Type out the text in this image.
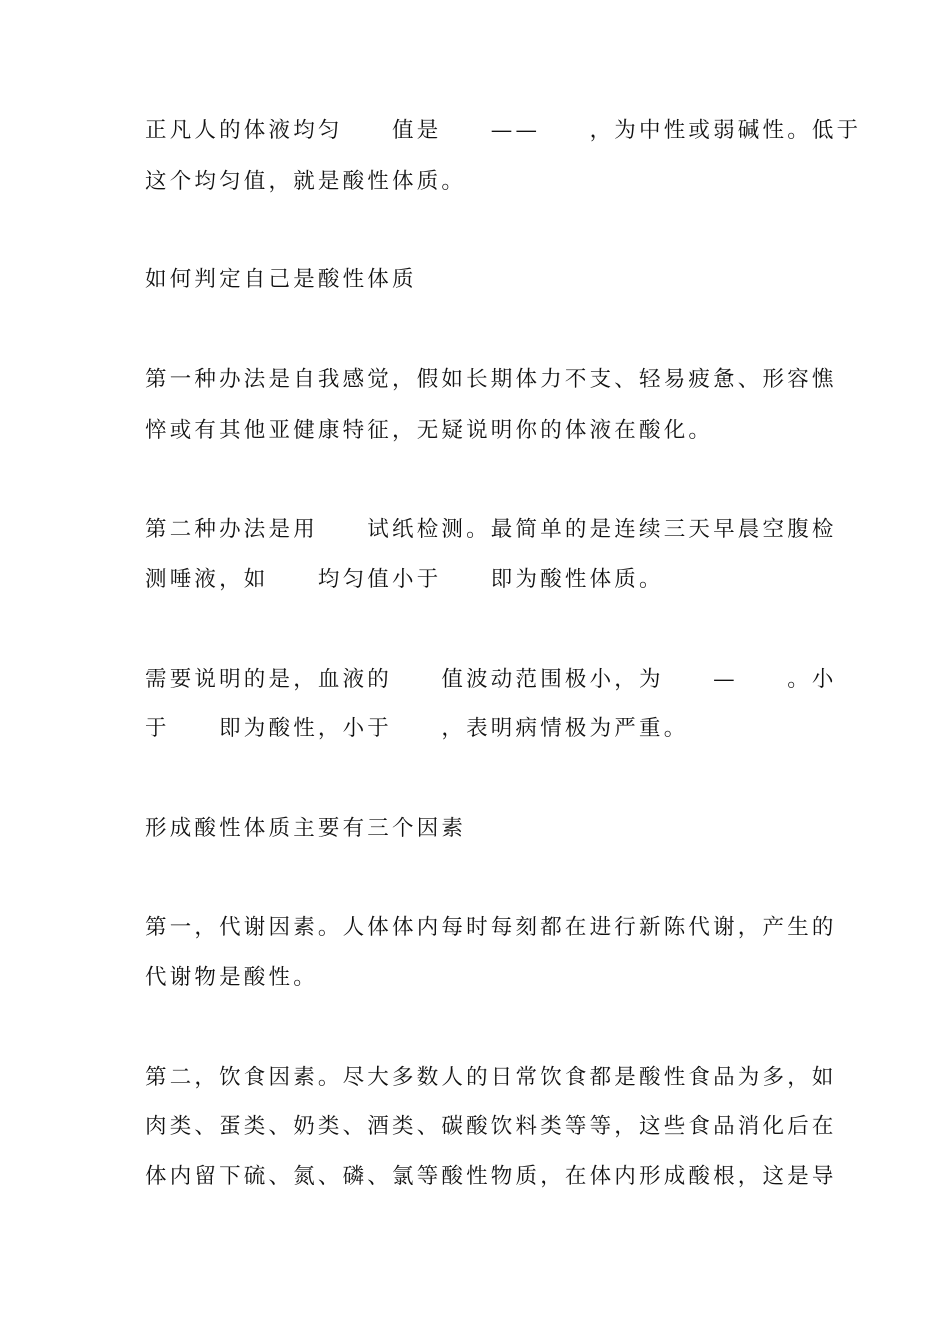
正凡人的体液均匀　　值是　　——　　，为中性或弱碱性。低于
这个均匀值，就是酸性体质。
如何判定自己是酸性体质
第一种办法是自我感觉，假如长期体力不支、轻易疲惫、形容憔
悴或有其他亚健康特征，无疑说明你的体液在酸化。
第二种办法是用　　试纸检测。最简单的是连续三天早晨空腹检
测唾液，如　　均匀值小于　　即为酸性体质。
需要说明的是，血液的　　值波动范围极小，为　　—　　。小
于　　即为酸性，小于　　，表明病情极为严重。
形成酸性体质主要有三个因素
第一，代谢因素。人体体内每时每刻都在进行新陈代谢，产生的
代谢物是酸性。
第二，饮食因素。尽大多数人的日常饮食都是酸性食品为多，如
肉类、蛋类、奶类、酒类、碳酸饮料类等等，这些食品消化后在
体内留下硫、氮、磷、氯等酸性物质，在体内形成酸根，这是导
